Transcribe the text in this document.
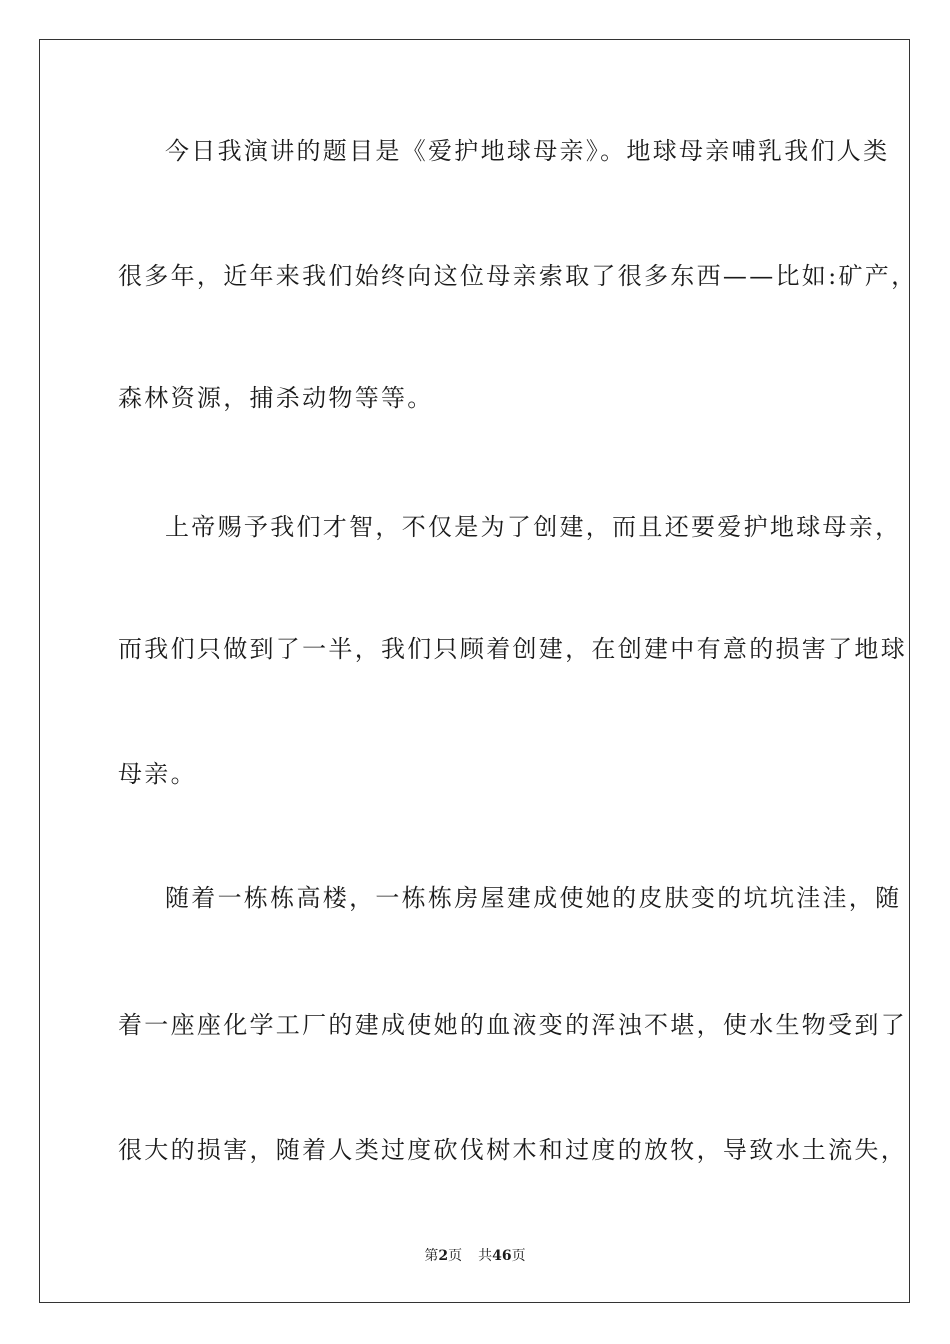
今日我演讲的题目是《爱护地球母亲》。地球母亲哺乳我们人类
很多年，近年来我们始终向这位母亲索取了很多东西——比如:矿产，
森林资源，捕杀动物等等。
上帝赐予我们才智，不仅是为了创建，而且还要爱护地球母亲，
而我们只做到了一半，我们只顾着创建，在创建中有意的损害了地球
母亲。
随着一栋栋高楼，一栋栋房屋建成使她的皮肤变的坑坑洼洼，随
着一座座化学工厂的建成使她的血液变的浑浊不堪，使水生物受到了
很大的损害，随着人类过度砍伐树木和过度的放牧，导致水土流失，
第2页 共46页
